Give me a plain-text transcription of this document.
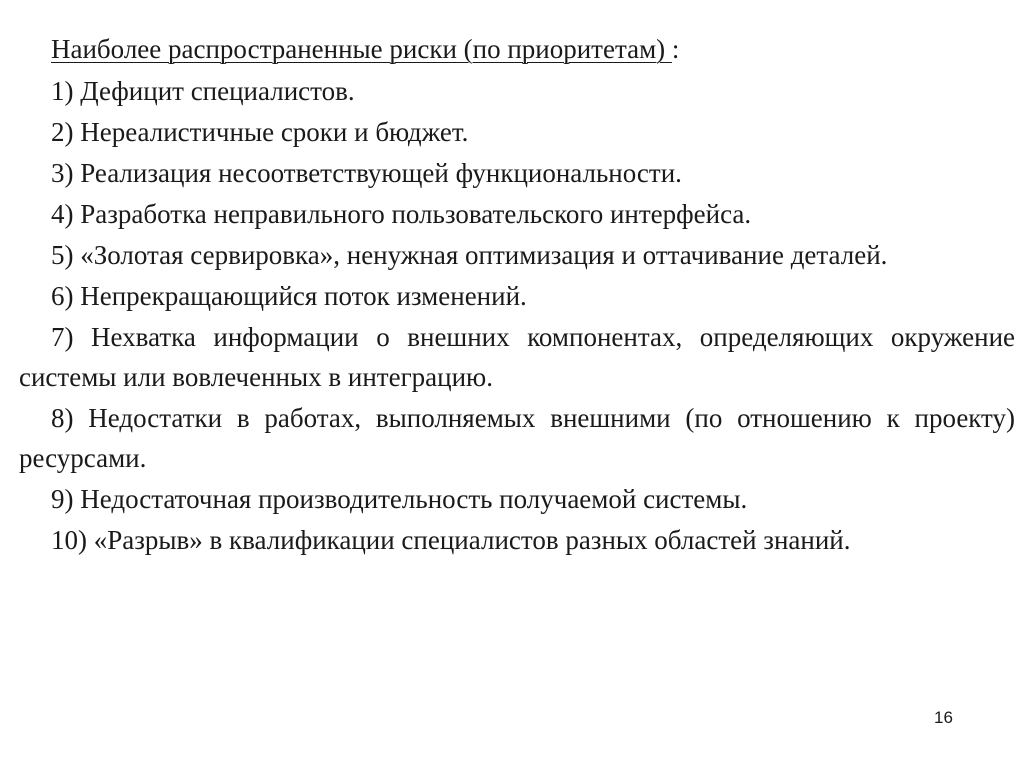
Наиболее распространенные риски (по приоритетам) :

1) Дефицит специалистов.
2) Нереалистичные сроки и бюджет.
3) Реализация несоответствующей функциональности.
4) Разработка неправильного пользовательского интерфейса.
5) «Золотая сервировка», ненужная оптимизация и оттачивание деталей.
6) Непрекращающийся поток изменений.
7) Нехватка информации о внешних компонентах, определяющих окружение системы или вовлеченных в интеграцию.
8) Недостатки в работах, выполняемых внешними (по отношению к проекту) ресурсами.
9) Недостаточная производительность получаемой системы.
10) «Разрыв» в квалификации специалистов разных областей знаний.
16
